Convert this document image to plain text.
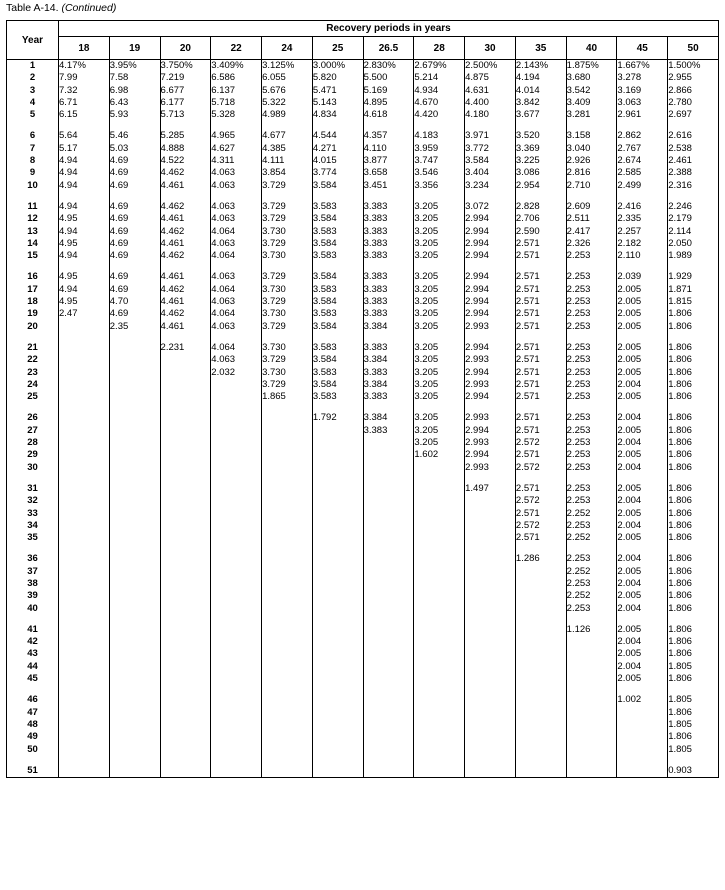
Table A-14. (Continued)
Year	Recovery periods in years												
	18	19	20	22	24	25	26.5	28	30	35	40	45	50
1	4.17%	3.95%	3.750%	3.409%	3.125%	3.000%	2.830%	2.679%	2.500%	2.143%	1.875%	1.667%	1.500%
2	7.99	7.58	7.219	6.586	6.055	5.820	5.500	5.214	4.875	4.194	3.680	3.278	2.955
3	7.32	6.98	6.677	6.137	5.676	5.471	5.169	4.934	4.631	4.014	3.542	3.169	2.866
4	6.71	6.43	6.177	5.718	5.322	5.143	4.895	4.670	4.400	3.842	3.409	3.063	2.780
5	6.15	5.93	5.713	5.328	4.989	4.834	4.618	4.420	4.180	3.677	3.281	2.961	2.697

6	5.64	5.46	5.285	4.965	4.677	4.544	4.357	4.183	3.971	3.520	3.158	2.862	2.616
7	5.17	5.03	4.888	4.627	4.385	4.271	4.110	3.959	3.772	3.369	3.040	2.767	2.538
8	4.94	4.69	4.522	4.311	4.111	4.015	3.877	3.747	3.584	3.225	2.926	2.674	2.461
9	4.94	4.69	4.462	4.063	3.854	3.774	3.658	3.546	3.404	3.086	2.816	2.585	2.388
10	4.94	4.69	4.461	4.063	3.729	3.584	3.451	3.356	3.234	2.954	2.710	2.499	2.316

11	4.94	4.69	4.462	4.063	3.729	3.583	3.383	3.205	3.072	2.828	2.609	2.416	2.246
12	4.95	4.69	4.461	4.063	3.729	3.584	3.383	3.205	2.994	2.706	2.511	2.335	2.179
13	4.94	4.69	4.462	4.064	3.730	3.583	3.383	3.205	2.994	2.590	2.417	2.257	2.114
14	4.95	4.69	4.461	4.063	3.729	3.584	3.383	3.205	2.994	2.571	2.326	2.182	2.050
15	4.94	4.69	4.462	4.064	3.730	3.583	3.383	3.205	2.994	2.571	2.253	2.110	1.989

16	4.95	4.69	4.461	4.063	3.729	3.584	3.383	3.205	2.994	2.571	2.253	2.039	1.929
17	4.94	4.69	4.462	4.064	3.730	3.583	3.383	3.205	2.994	2.571	2.253	2.005	1.871
18	4.95	4.70	4.461	4.063	3.729	3.584	3.383	3.205	2.994	2.571	2.253	2.005	1.815
19	2.47	4.69	4.462	4.064	3.730	3.583	3.383	3.205	2.994	2.571	2.253	2.005	1.806
20		2.35	4.461	4.063	3.729	3.584	3.384	3.205	2.993	2.571	2.253	2.005	1.806

21			2.231	4.064	3.730	3.583	3.383	3.205	2.994	2.571	2.253	2.005	1.806
22				4.063	3.729	3.584	3.384	3.205	2.993	2.571	2.253	2.005	1.806
23				2.032	3.730	3.583	3.383	3.205	2.994	2.571	2.253	2.005	1.806
24					3.729	3.584	3.384	3.205	2.993	2.571	2.253	2.004	1.806
25					1.865	3.583	3.383	3.205	2.994	2.571	2.253	2.005	1.806

26						1.792	3.384	3.205	2.993	2.571	2.253	2.004	1.806
27							3.383	3.205	2.994	2.571	2.253	2.005	1.806
28								3.205	2.993	2.572	2.253	2.004	1.806
29								1.602	2.994	2.571	2.253	2.005	1.806
30									2.993	2.572	2.253	2.004	1.806

31									1.497	2.571	2.253	2.005	1.806
32										2.572	2.253	2.004	1.806
33										2.571	2.252	2.005	1.806
34										2.572	2.253	2.004	1.806
35										2.571	2.252	2.005	1.806

36										1.286	2.253	2.004	1.806
37											2.252	2.005	1.806
38											2.253	2.004	1.806
39											2.252	2.005	1.806
40											2.253	2.004	1.806

41											1.126	2.005	1.806
42												2.004	1.806
43												2.005	1.806
44												2.004	1.805
45												2.005	1.806

46												1.002	1.805
47													1.806
48													1.805
49													1.806
50													1.805

51													0.903
